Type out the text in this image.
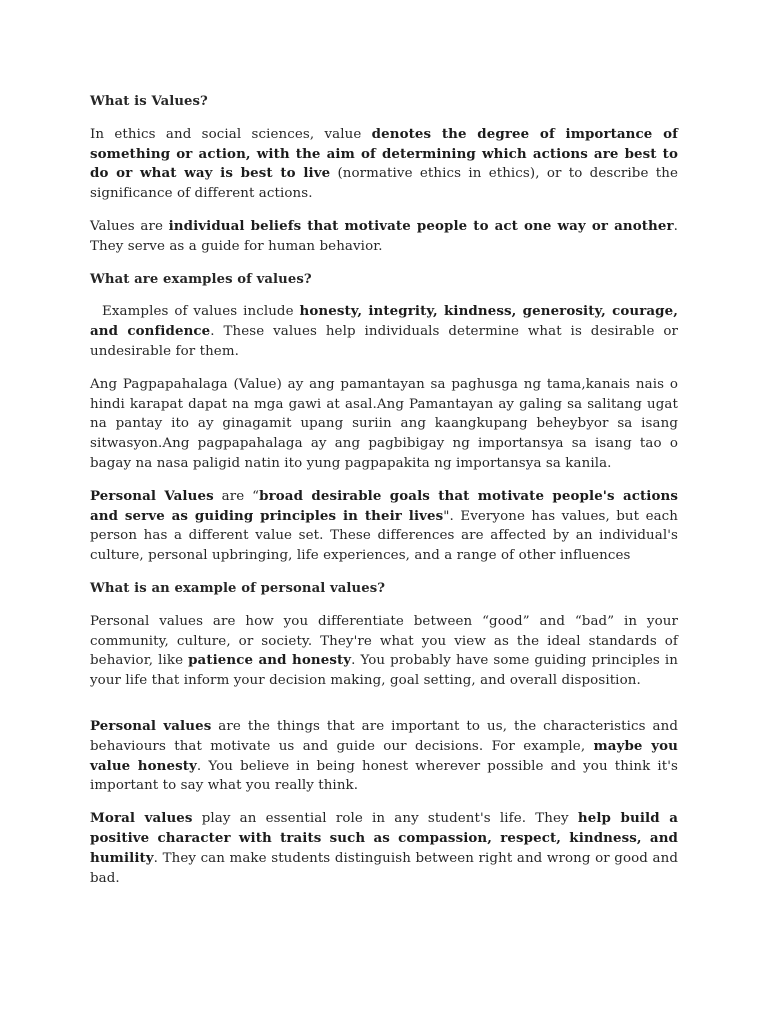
What is Values?
In ethics and social sciences, value denotes the degree of importance of something or action, with the aim of determining which actions are best to do or what way is best to live (normative ethics in ethics), or to describe the significance of different actions.
Values are individual beliefs that motivate people to act one way or another. They serve as a guide for human behavior.
What are examples of values?
Examples of values include honesty, integrity, kindness, generosity, courage, and confidence. These values help individuals determine what is desirable or undesirable for them.
Ang Pagpapahalaga (Value) ay ang pamantayan sa paghusga ng tama,kanais nais o hindi karapat dapat na mga gawi at asal.Ang Pamantayan ay galing sa salitang ugat na pantay ito ay ginagamit upang suriin ang kaangkupang beheybyor sa isang sitwasyon.Ang pagpapahalaga ay ang pagbibigay ng importansya sa isang tao o bagay na nasa paligid natin ito yung pagpapakita ng importansya sa kanila.
Personal Values are “broad desirable goals that motivate people's actions and serve as guiding principles in their lives". Everyone has values, but each person has a different value set. These differences are affected by an individual's culture, personal upbringing, life experiences, and a range of other influences
What is an example of personal values?
Personal values are how you differentiate between “good” and “bad” in your community, culture, or society. They're what you view as the ideal standards of behavior, like patience and honesty. You probably have some guiding principles in your life that inform your decision making, goal setting, and overall disposition.
Personal values are the things that are important to us, the characteristics and behaviours that motivate us and guide our decisions. For example, maybe you value honesty. You believe in being honest wherever possible and you think it's important to say what you really think.
Moral values play an essential role in any student's life. They help build a positive character with traits such as compassion, respect, kindness, and humility. They can make students distinguish between right and wrong or good and bad.
